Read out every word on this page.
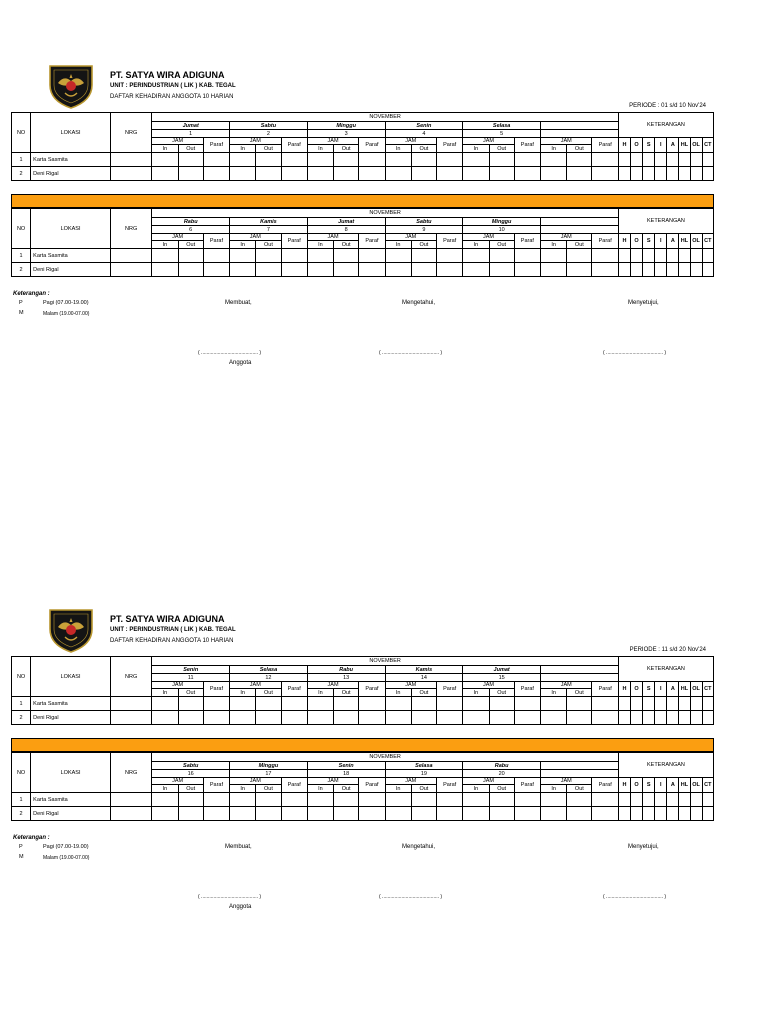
PT. SATYA WIRA ADIGUNA
UNIT : PERINDUSTRIAN ( LIK ) KAB. TEGAL
DAFTAR KEHADIRAN ANGGOTA 10 HARIAN
PERIODE : 01 s/d 10 Nov'24
NO	LOKASI	NRG	NOVEMBER																		KETERANGAN							
			Jumat			Sabtu			Minggu			Senin			Selasa													
			1			2			3			4			5													
			JAM		Paraf	JAM		Paraf	JAM		Paraf	JAM		Paraf	JAM		Paraf	JAM		Paraf	H	O	S	I	A	HL	OL	CT
			In	Out		In	Out		In	Out		In	Out		In	Out		In	Out									
1	Karta Sasmita																											
2	Deni Rigal																											
NO	LOKASI	NRG	NOVEMBER																		KETERANGAN							
			Rabu			Kamis			Jumat			Sabtu			Minggu													
			6			7			8			9			10													
			JAM		Paraf	JAM		Paraf	JAM		Paraf	JAM		Paraf	JAM		Paraf	JAM		Paraf	H	O	S	I	A	HL	OL	CT
			In	Out		In	Out		In	Out		In	Out		In	Out		In	Out									
1	Karta Sasmita																											
2	Deni Rigal																											
Keterangan :
P	Pagi (07.00-19.00)
M	Malam (19.00-07.00)
Membuat,	Mengetahui,	Menyetujui,
( ......................................... )	( ......................................... )	( ......................................... )
Anggota
PT. SATYA WIRA ADIGUNA
UNIT : PERINDUSTRIAN ( LIK ) KAB. TEGAL
DAFTAR KEHADIRAN ANGGOTA 10 HARIAN
PERIODE : 11 s/d 20 Nov'24
NO	LOKASI	NRG	NOVEMBER																		KETERANGAN							
			Senin			Selasa			Rabu			Kamis			Jumat													
			11			12			13			14			15													
			JAM		Paraf	JAM		Paraf	JAM		Paraf	JAM		Paraf	JAM		Paraf	JAM		Paraf	H	O	S	I	A	HL	OL	CT
			In	Out		In	Out		In	Out		In	Out		In	Out		In	Out									
1	Karta Sasmita																											
2	Deni Rigal																											
NO	LOKASI	NRG	NOVEMBER																		KETERANGAN							
			Sabtu			Minggu			Senin			Selasa			Rabu													
			16			17			18			19			20													
			JAM		Paraf	JAM		Paraf	JAM		Paraf	JAM		Paraf	JAM		Paraf	JAM		Paraf	H	O	S	I	A	HL	OL	CT
			In	Out		In	Out		In	Out		In	Out		In	Out		In	Out									
1	Karta Sasmita																											
2	Deni Rigal																											
Keterangan :
P	Pagi (07.00-19.00)
M	Malam (19.00-07.00)
Membuat,	Mengetahui,	Menyetujui,
( ......................................... )	( ......................................... )	( ......................................... )
Anggota
